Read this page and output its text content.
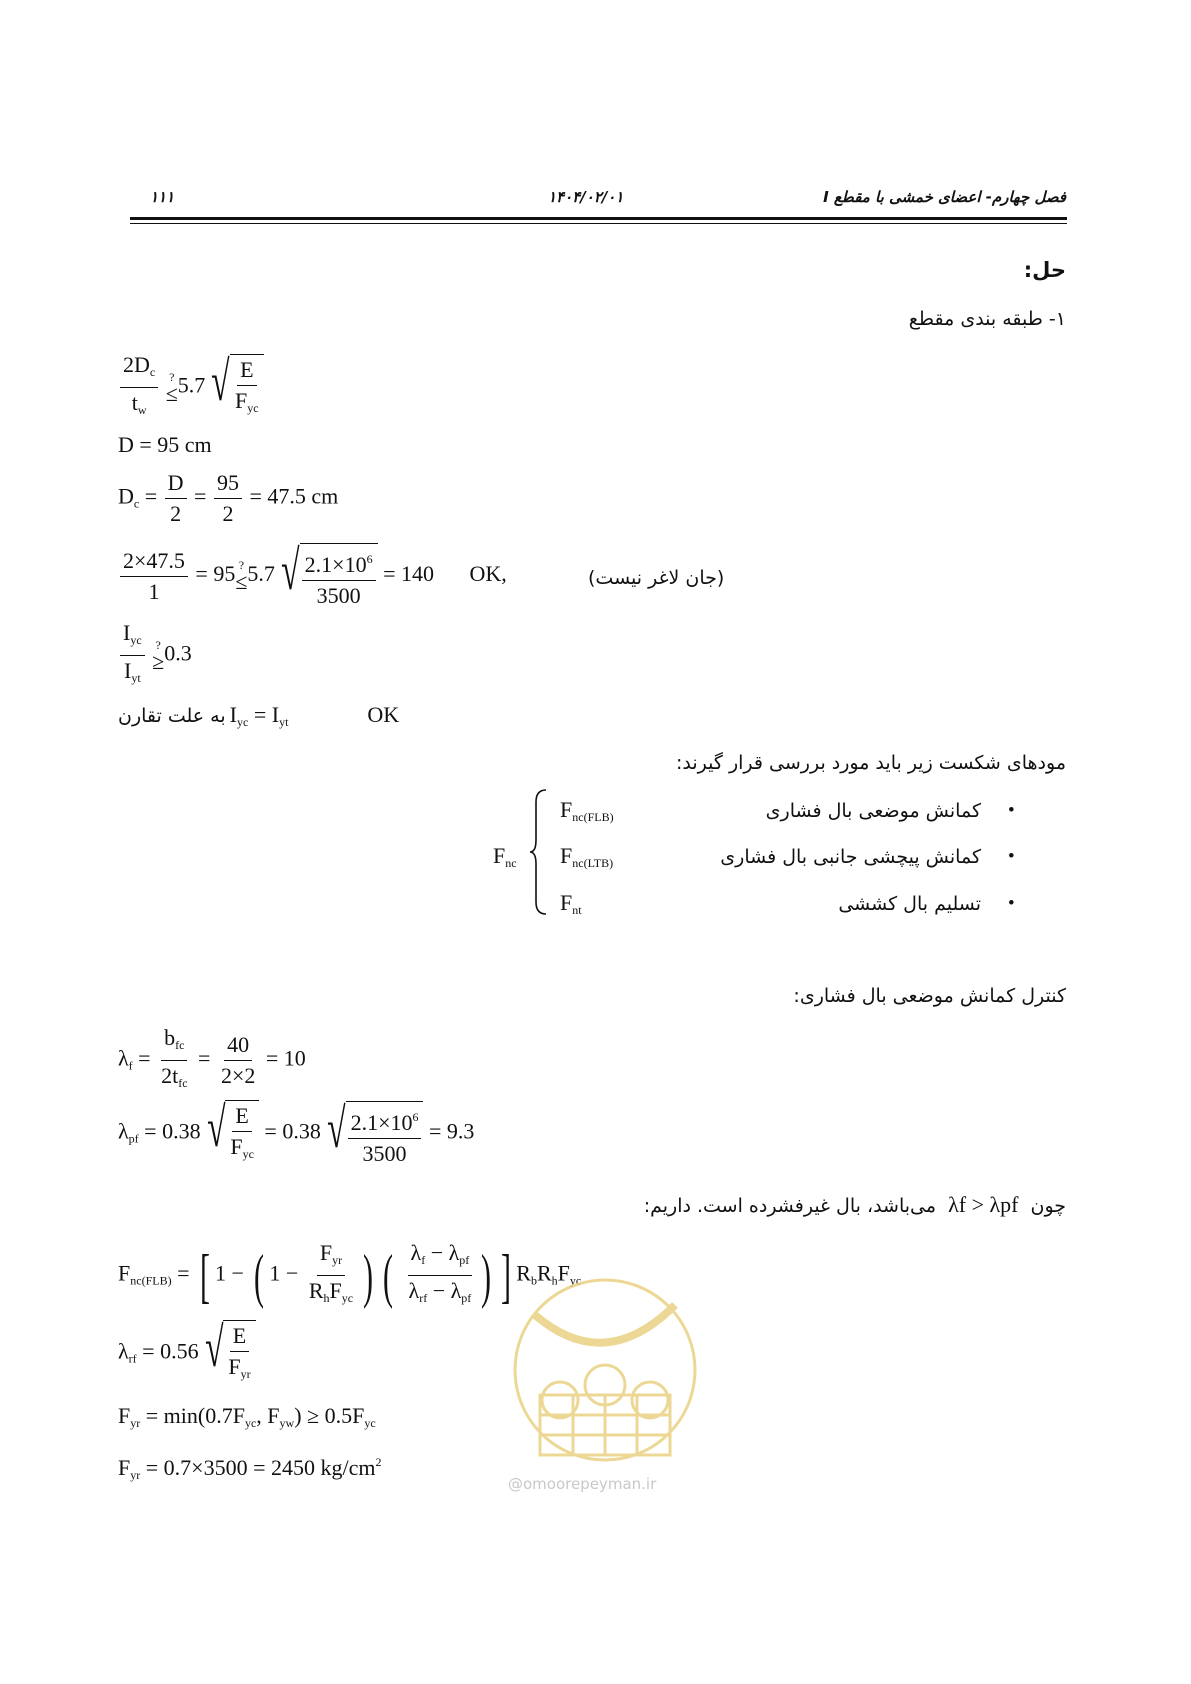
۱۱۱	۱۴۰۴/۰۲/۰۱	فصل چهارم- اعضای خمشی با مقطع I
حل:
۱- طبقه بندی مقطع
$\frac{2D_c}{t_w}$
?
≤ 5.7 √ $\frac{E}{F_{yc}}$
D = 95 cm
$D_c = \frac{D}{2} = \frac{95}{2} = 47.5$ cm
$\frac{2\times 47.5}{1} = 95$ ?
≤ 5.7 √ $\frac{2.1\times 10^6}{3500} = 140$ OK,	(جان لاغر نیست)
$\frac{I_{yc}}{I_{yt}}$
?
≥ 0.3
به علت تقارن $I_{yc} = I_{yt}$	OK
مودهای شکست زیر باید مورد بررسی قرار گیرند:
$F_{nc}$
$F_{nc(FLB)}$
$F_{nc(LTB)}$
$F_{nt}$
کمانش موضعی بال فشاری
کمانش پیچشی جانبی بال فشاری
تسلیم بال کششی
•
•
•
کنترل کمانش موضعی بال فشاری:
$\lambda_f = \frac{b_{fc}}{2t_{fc}} = \frac{40}{2\times 2} = 10$
$\lambda_{pf} = 0.38$ √ $\frac{E}{F_{yc}} = 0.38$ √ $\frac{2.1\times 10^6}{3500} = 9.3$
چون λf > λpf می‌باشد، بال غیرفشرده است. داریم:
$F_{nc(FLB)}$ = [ 1 − ( $1 - \frac{F_{yr}}{R_hF_{yc}}$ ) ( $\frac{\lambda_f - \lambda_{pf}}{\lambda_{rf} - \lambda_{pf}}$ ) ] $R_bR_hF_{yc}$
$\lambda_{rf} = 0.56$ √ $\frac{E}{F_{yr}}$
$F_{yr} = \min(0.7F_{yc}$, $F_{yw}) \ge 0.5F_{yc}$
$F_{yr} = 0.7\times 3500 = 2450$ $kg/cm^2$
@omoorepeyman.ir
